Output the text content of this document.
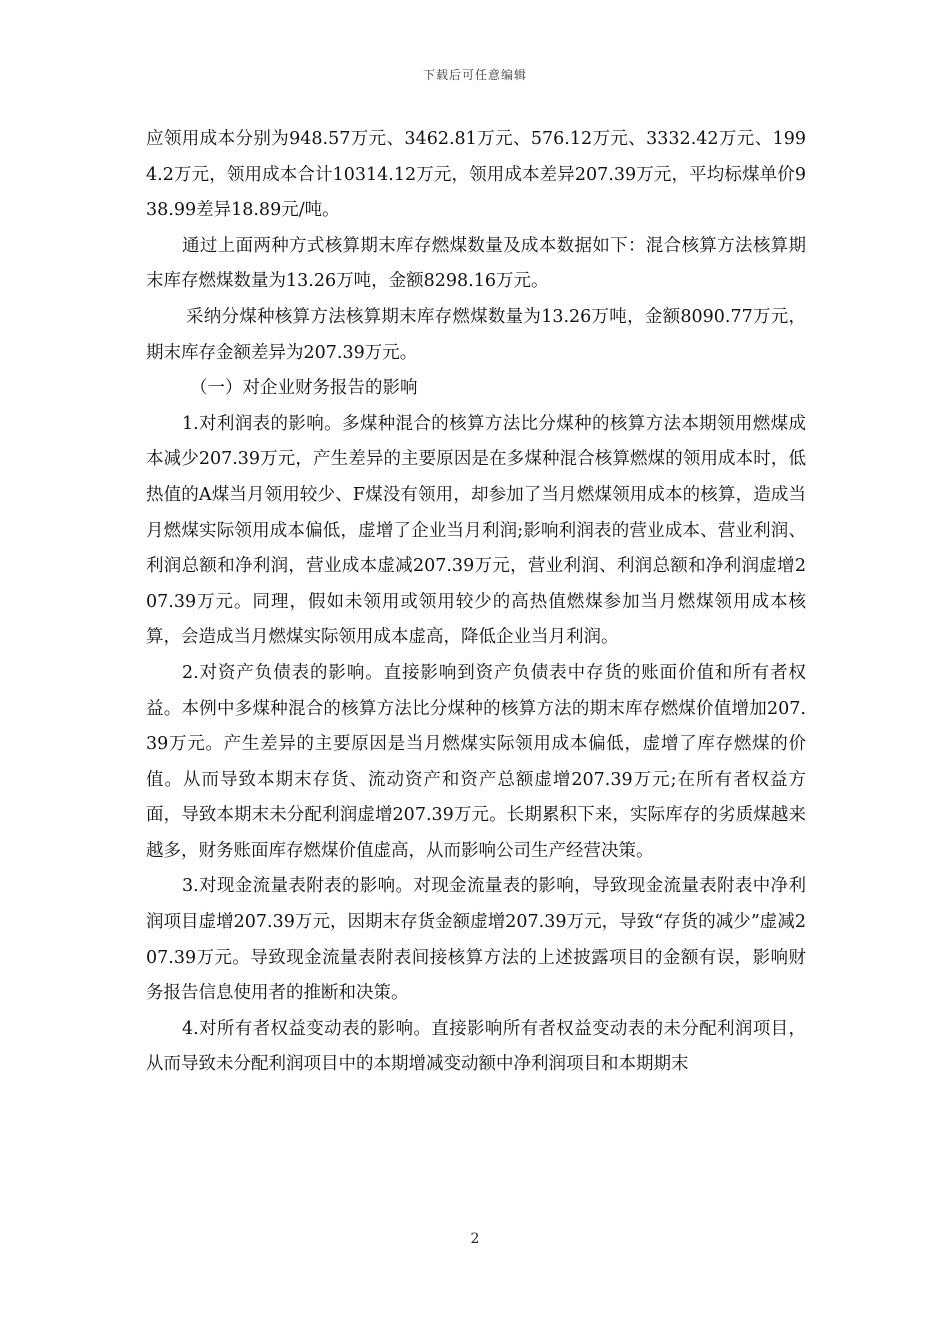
下载后可任意编辑

应领用成本分别为948.57万元、3462.81万元、576.12万元、3332.42万元、1994.2万元，领用成本合计10314.12万元，领用成本差异207.39万元，平均标煤单价938.99差异18.89元/吨。

通过上面两种方式核算期末库存燃煤数量及成本数据如下：混合核算方法核算期末库存燃煤数量为13.26万吨，金额8298.16万元。

采纳分煤种核算方法核算期末库存燃煤数量为13.26万吨，金额8090.77万元，期末库存金额差异为207.39万元。

（一）对企业财务报告的影响

1.对利润表的影响。多煤种混合的核算方法比分煤种的核算方法本期领用燃煤成本减少207.39万元，产生差异的主要原因是在多煤种混合核算燃煤的领用成本时，低热值的A煤当月领用较少、F煤没有领用，却参加了当月燃煤领用成本的核算，造成当月燃煤实际领用成本偏低，虚增了企业当月利润;影响利润表的营业成本、营业利润、利润总额和净利润，营业成本虚减207.39万元，营业利润、利润总额和净利润虚增207.39万元。同理，假如未领用或领用较少的高热值燃煤参加当月燃煤领用成本核算，会造成当月燃煤实际领用成本虚高，降低企业当月利润。

2.对资产负债表的影响。直接影响到资产负债表中存货的账面价值和所有者权益。本例中多煤种混合的核算方法比分煤种的核算方法的期末库存燃煤价值增加207.39万元。产生差异的主要原因是当月燃煤实际领用成本偏低，虚增了库存燃煤的价值。从而导致本期末存货、流动资产和资产总额虚增207.39万元;在所有者权益方面，导致本期末未分配利润虚增207.39万元。长期累积下来，实际库存的劣质煤越来越多，财务账面库存燃煤价值虚高，从而影响公司生产经营决策。

3.对现金流量表附表的影响。对现金流量表的影响，导致现金流量表附表中净利润项目虚增207.39万元，因期末存货金额虚增207.39万元，导致“存货的减少”虚减207.39万元。导致现金流量表附表间接核算方法的上述披露项目的金额有误，影响财务报告信息使用者的推断和决策。

4.对所有者权益变动表的影响。直接影响所有者权益变动表的未分配利润项目，从而导致未分配利润项目中的本期增减变动额中净利润项目和本期期末

2
